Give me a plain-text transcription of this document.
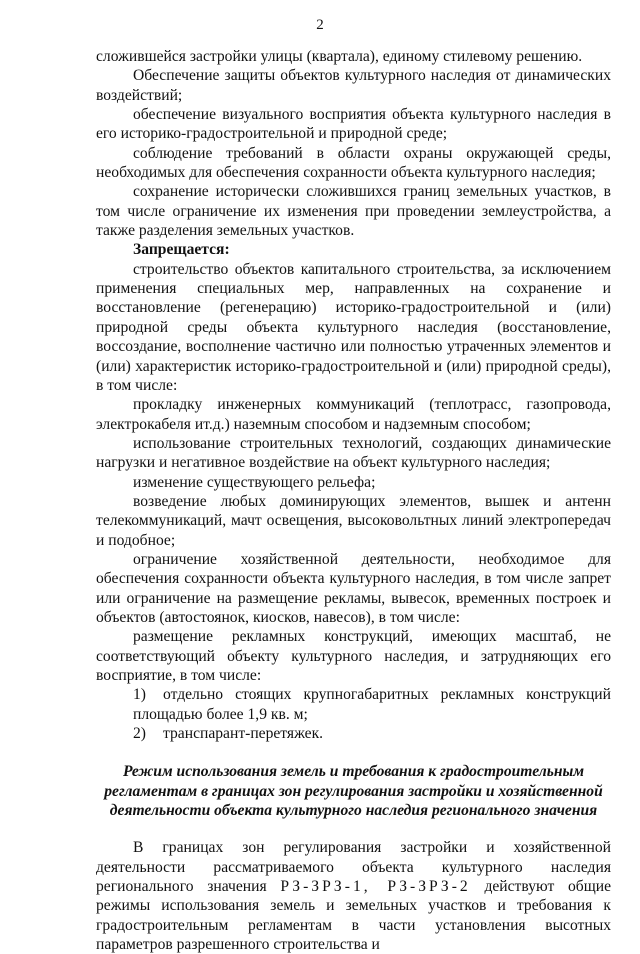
2

сложившейся застройки улицы (квартала), единому стилевому решению.

Обеспечение защиты объектов культурного наследия от динамических воздействий;

обеспечение визуального восприятия объекта культурного наследия в его историко-градостроительной и природной среде;

соблюдение требований в области охраны окружающей среды, необходимых для обеспечения сохранности объекта культурного наследия;

сохранение исторически сложившихся границ земельных участков, в том числе ограничение их изменения при проведении землеустройства, а также разделения земельных участков.

Запрещается:

строительство объектов капитального строительства, за исключением применения специальных мер, направленных на сохранение и восстановление (регенерацию) историко-градостроительной и (или) природной среды объекта культурного наследия (восстановление, воссоздание, восполнение частично или полностью утраченных элементов и (или) характеристик историко-градостроительной и (или) природной среды), в том числе:

прокладку инженерных коммуникаций (теплотрасс, газопровода, электрокабеля ит.д.) наземным способом и надземным способом;

использование строительных технологий, создающих динамические нагрузки и негативное воздействие на объект культурного наследия;

изменение существующего рельефа;

возведение любых доминирующих элементов, вышек и антенн телекоммуникаций, мачт освещения, высоковольтных линий электропередач и подобное;

ограничение хозяйственной деятельности, необходимое для обеспечения сохранности объекта культурного наследия, в том числе запрет или ограничение на размещение рекламы, вывесок, временных построек и объектов (автостоянок, киосков, навесов), в том числе:

размещение рекламных конструкций, имеющих масштаб, не соответствующий объекту культурного наследия, и затрудняющих его восприятие, в том числе:

1) отдельно стоящих крупногабаритных рекламных конструкций площадью более 1,9 кв. м;

2) транспарант-перетяжек.

Режим использования земель и требования к градостроительным
регламентам в границах зон регулирования застройки и хозяйственной
деятельности объекта культурного наследия регионального значения

В границах зон регулирования застройки и хозяйственной деятельности рассматриваемого объекта культурного наследия регионального значения РЗ-ЗРЗ-1, РЗ-ЗРЗ-2 действуют общие режимы использования земель и земельных участков и требования к градостроительным регламентам в части установления высотных параметров разрешенного строительства и
